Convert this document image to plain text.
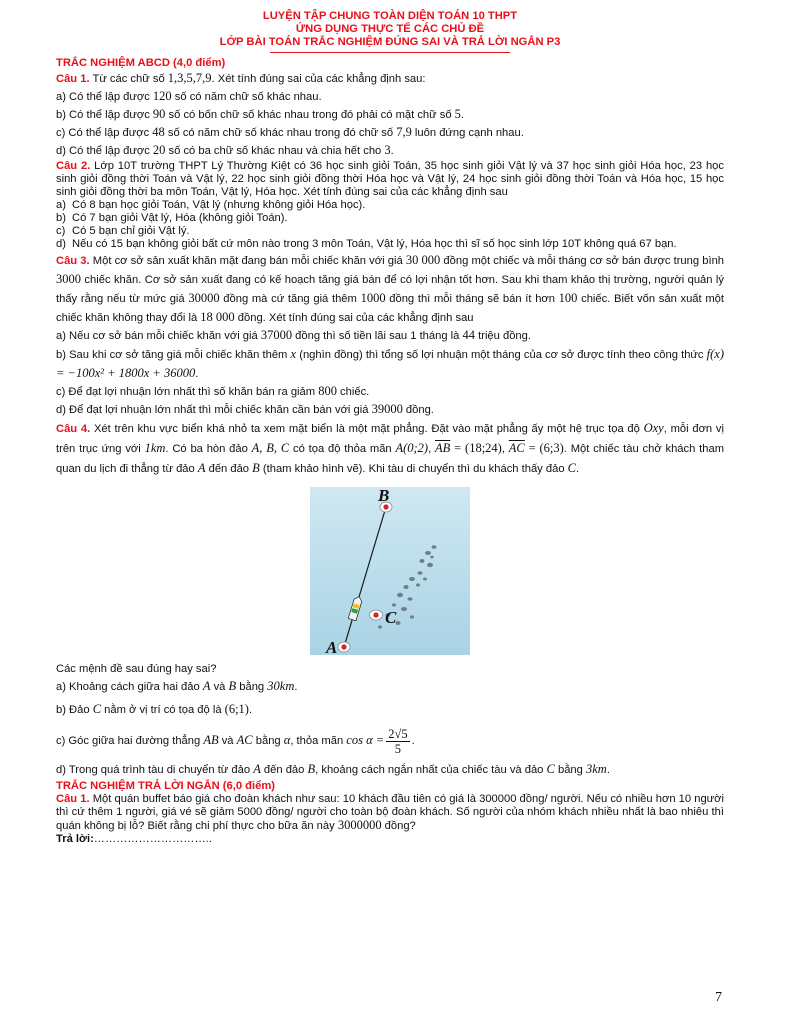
LUYỆN TẬP CHUNG TOÀN DIỆN TOÁN 10 THPT
ỨNG DỤNG THỰC TẾ CÁC CHỦ ĐỀ
LỚP BÀI TOÁN TRẮC NGHIỆM ĐÚNG SAI VÀ TRẢ LỜI NGẮN P3
TRẮC NGHIỆM ABCD (4,0 điểm)
Câu 1. Từ các chữ số 1,3,5,7,9. Xét tính đúng sai của các khẳng định sau:
a) Có thể lập được 120 số có năm chữ số khác nhau.
b) Có thể lập được 90 số có bốn chữ số khác nhau trong đó phải có mặt chữ số 5.
c) Có thể lập được 48 số có năm chữ số khác nhau trong đó chữ số 7,9 luôn đứng cạnh nhau.
d) Có thể lập được 20 số có ba chữ số khác nhau và chia hết cho 3.
Câu 2. Lớp 10T trường THPT Lý Thường Kiệt có 36 học sinh giỏi Toán, 35 học sinh giỏi Vật lý và 37 học sinh giỏi Hóa học, 23 học sinh giỏi đồng thời Toán và Vật lý, 22 học sinh giỏi đồng thời Hóa học và Vật lý, 24 học sinh giỏi đồng thời Toán và Hóa học, 15 học sinh giỏi đồng thời ba môn Toán, Vật lý, Hóa học. Xét tính đúng sai của các khẳng định sau
a) Có 8 bạn học giỏi Toán, Vật lý (nhưng không giỏi Hóa học).
b) Có 7 bạn giỏi Vật lý, Hóa (không giỏi Toán).
c) Có 5 bạn chỉ giỏi Vật lý.
d) Nếu có 15 bạn không giỏi bất cứ môn nào trong 3 môn Toán, Vật lý, Hóa học thì sĩ số học sinh lớp 10T không quá 67 bạn.
Câu 3. Một cơ sở sản xuất khăn mặt đang bán mỗi chiếc khăn với giá 30 000 đồng một chiếc và mỗi tháng cơ sở bán được trung bình 3000 chiếc khăn. Cơ sở sản xuất đang có kế hoạch tăng giá bán để có lợi nhận tốt hơn. Sau khi tham khảo thị trường, người quản lý thấy rằng nếu từ mức giá 30000 đồng mà cứ tăng giá thêm 1000 đồng thì mỗi tháng sẽ bán ít hơn 100 chiếc. Biết vốn sản xuất một chiếc khăn không thay đổi là 18 000 đồng. Xét tính đúng sai của các khẳng định sau
a) Nếu cơ sở bán mỗi chiếc khăn với giá 37000 đồng thì số tiền lãi sau 1 tháng là 44 triệu đồng.
b) Sau khi cơ sở tăng giá mỗi chiếc khăn thêm x (nghìn đồng) thì tổng số lợi nhuận một tháng của cơ sở được tính theo công thức f(x) = −100x² + 1800x + 36000.
c) Để đạt lợi nhuận lớn nhất thì số khăn bán ra giảm 800 chiếc.
d) Để đạt lợi nhuận lớn nhất thì mỗi chiếc khăn cần bán với giá 39000 đồng.
Câu 4. Xét trên khu vực biển khá nhỏ ta xem mặt biển là một mặt phẳng. Đặt vào mặt phẳng ấy một hệ trục tọa độ Oxy, mỗi đơn vị trên trục ứng với 1km. Có ba hòn đảo A, B, C có tọa độ thỏa mãn A(0;2), $\overline{AB}$ = (18;24), $\overline{AC}$ = (6;3). Một chiếc tàu chở khách tham quan du lịch đi thẳng từ đảo A đến đảo B (tham khảo hình vẽ). Khi tàu di chuyển thì du khách thấy đảo C.
B
C
A
Các mệnh đề sau đúng hay sai?
a) Khoảng cách giữa hai đảo A và B bằng 30km.
b) Đảo C nằm ở vị trí có tọa độ là (6;1).
c) Góc giữa hai đường thẳng AB và AC bằng α, thỏa mãn $\cos \alpha = \frac{2√5}{5}$ .
d) Trong quá trình tàu di chuyển từ đảo A đến đảo B, khoảng cách ngắn nhất của chiếc tàu và đảo C bằng 3km.
TRẮC NGHIỆM TRẢ LỜI NGẮN (6,0 điểm)
Câu 1. Một quán buffet báo giá cho đoàn khách như sau: 10 khách đầu tiên có giá là 300000 đồng/ người. Nếu có nhiều hơn 10 người thì cứ thêm 1 người, giá vé sẽ giảm 5000 đồng/ người cho toàn bộ đoàn khách. Số người của nhóm khách nhiều nhất là bao nhiêu thì quán không bị lỗ? Biết rằng chi phí thực cho bữa ăn này 3000000 đồng?
Trả lời:…………………………..
7
